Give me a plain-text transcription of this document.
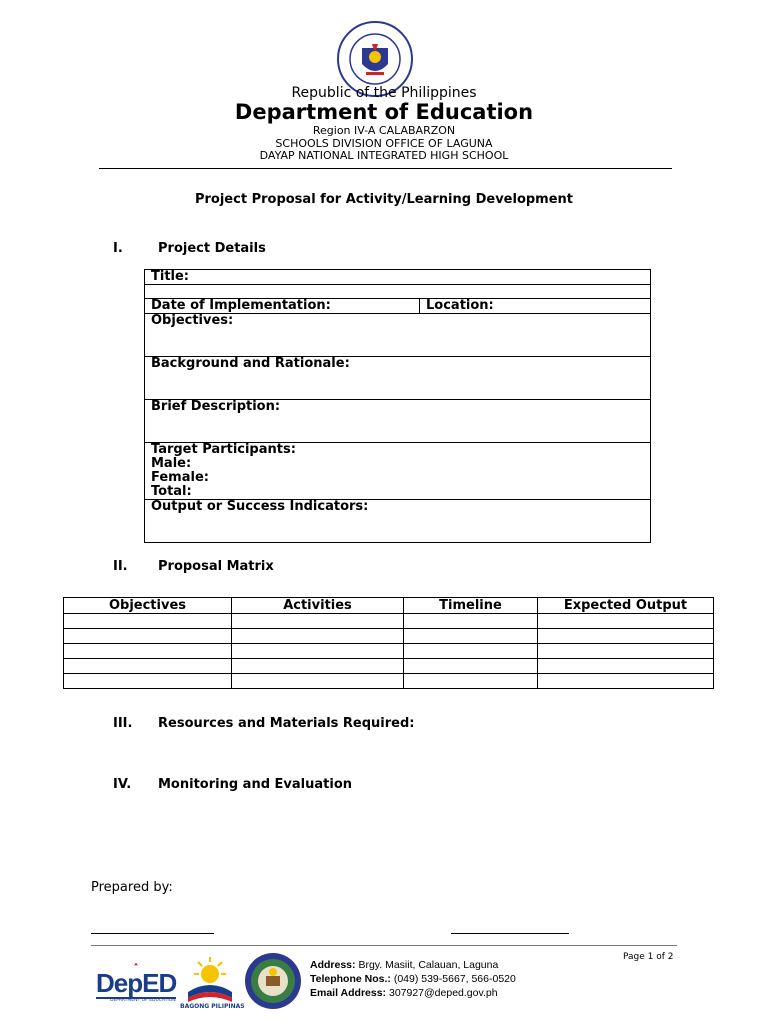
Republic of the Philippines
Department of Education
Region IV-A CALABARZON
SCHOOLS DIVISION OFFICE OF LAGUNA
DAYAP NATIONAL INTEGRATED HIGH SCHOOL
Project Proposal for Activity/Learning Development
I.	Project Details
Title:

Date of Implementation:	Location:
Objectives:
Background and Rationale:
Brief Description:

Target Participants:
Male:
Female:
Total:

Output or Success Indicators:
II. Proposal Matrix
Objectives	Activities	Timeline	Expected Output

III. Resources and Materials Required:
IV. Monitoring and Evaluation
Prepared by:
Page 1 of 2
DepED
DEPARTMENT OF EDUCATION
BAGONG PILIPINAS
Address: Brgy. Masiit, Calauan, Laguna
Telephone Nos.: (049) 539-5667, 566-0520
Email Address: 307927@deped.gov.ph
